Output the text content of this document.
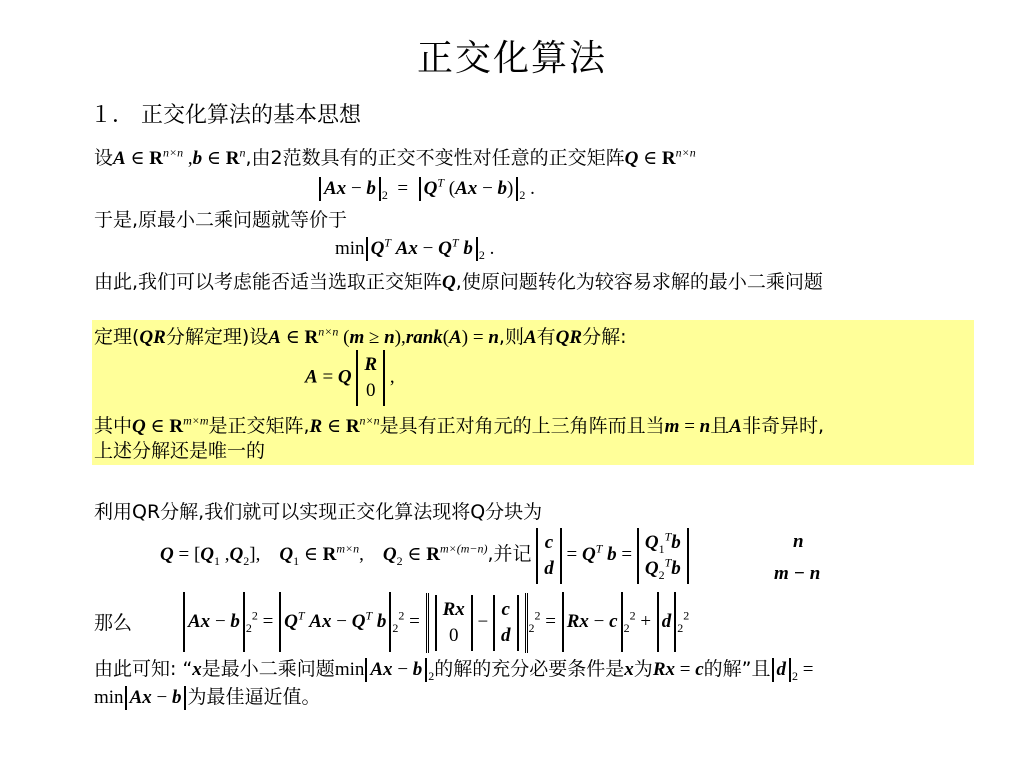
正交化算法
１． 正交化算法的基本思想
设A ∈ $R^{n\times n}$ ,b ∈ $R^n$,由2范数具有的正交不变性对任意的正交矩阵Q ∈ $R^{n\times n}$
Ax − b $_2 = Q^T$ (Ax − b) $_2$ .
于是,原最小二乘问题就等价于
$\min Q^T$ $Ax - Q^T$ b $_2$ .
由此,我们可以考虑能否适当选取正交矩阵Q,使原问题转化为较容易求解的最小二乘问题
定理(QR分解定理)设A ∈ $R^{n\times n}$ (m ≥ n),rank(A) = n,则A有QR分解:
A = Q
R
0
,
其中Q ∈ $R^{m\times m}$是正交矩阵,R ∈ $R^{n\times n}$是具有正对角元的上三角阵而且当m = n且A非奇异时,
上述分解还是唯一的
利用QR分解,我们就可以实现正交化算法现将Q分块为
$Q = [Q_1$ $,Q_2$],    $Q_1$ ∈ $R^{m\times n}$,    $Q_2$ ∈ $R^{m\times(m-n)}$,并记
c
d
= $Q^T$ b =
$Q_1^Tb$
$Q_2^Tb$
n
m − n
那么	Ax − b $_2^2 = Q^T$ $Ax - Q^T$ b $_2^2$ =
Rx
0
−
c
d $_2^2$ = Rx − c $_2^2$ + d $_2^2$
由此可知: “x是最小二乘问题min Ax − b $_2$的解的充分必要条件是x为Rx = c的解”且 d $_2$ =
min Ax − b 为最佳逼近值。
